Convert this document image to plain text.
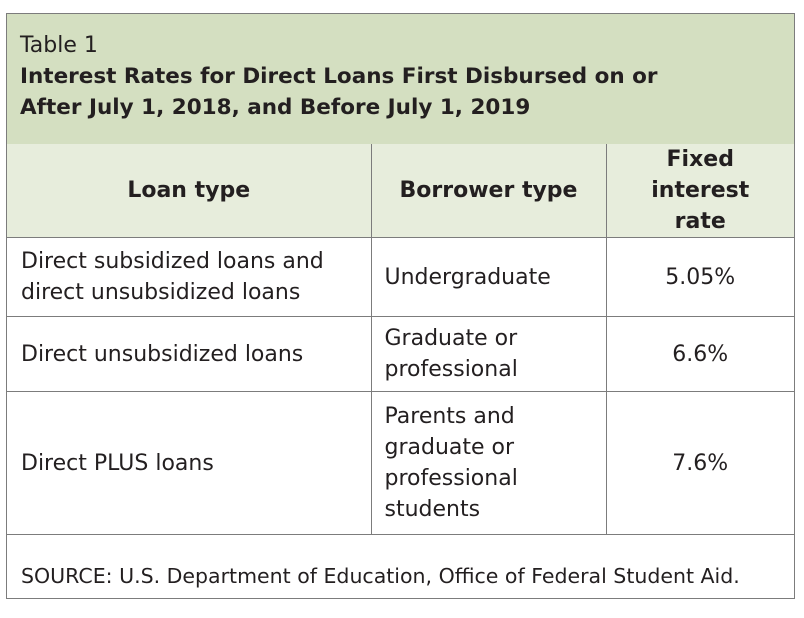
Table 1
Interest Rates for Direct Loans First Disbursed on or After July 1, 2018, and Before July 1, 2019
Loan type	Borrower type	Fixed interest rate

Direct subsidized loans and direct unsubsidized loans	Undergraduate	5.05%
Direct unsubsidized loans	Graduate or professional	6.6%
Direct PLUS loans	Parents and graduate or professional students	7.6%
SOURCE: U.S. Department of Education, Office of Federal Student Aid.		
